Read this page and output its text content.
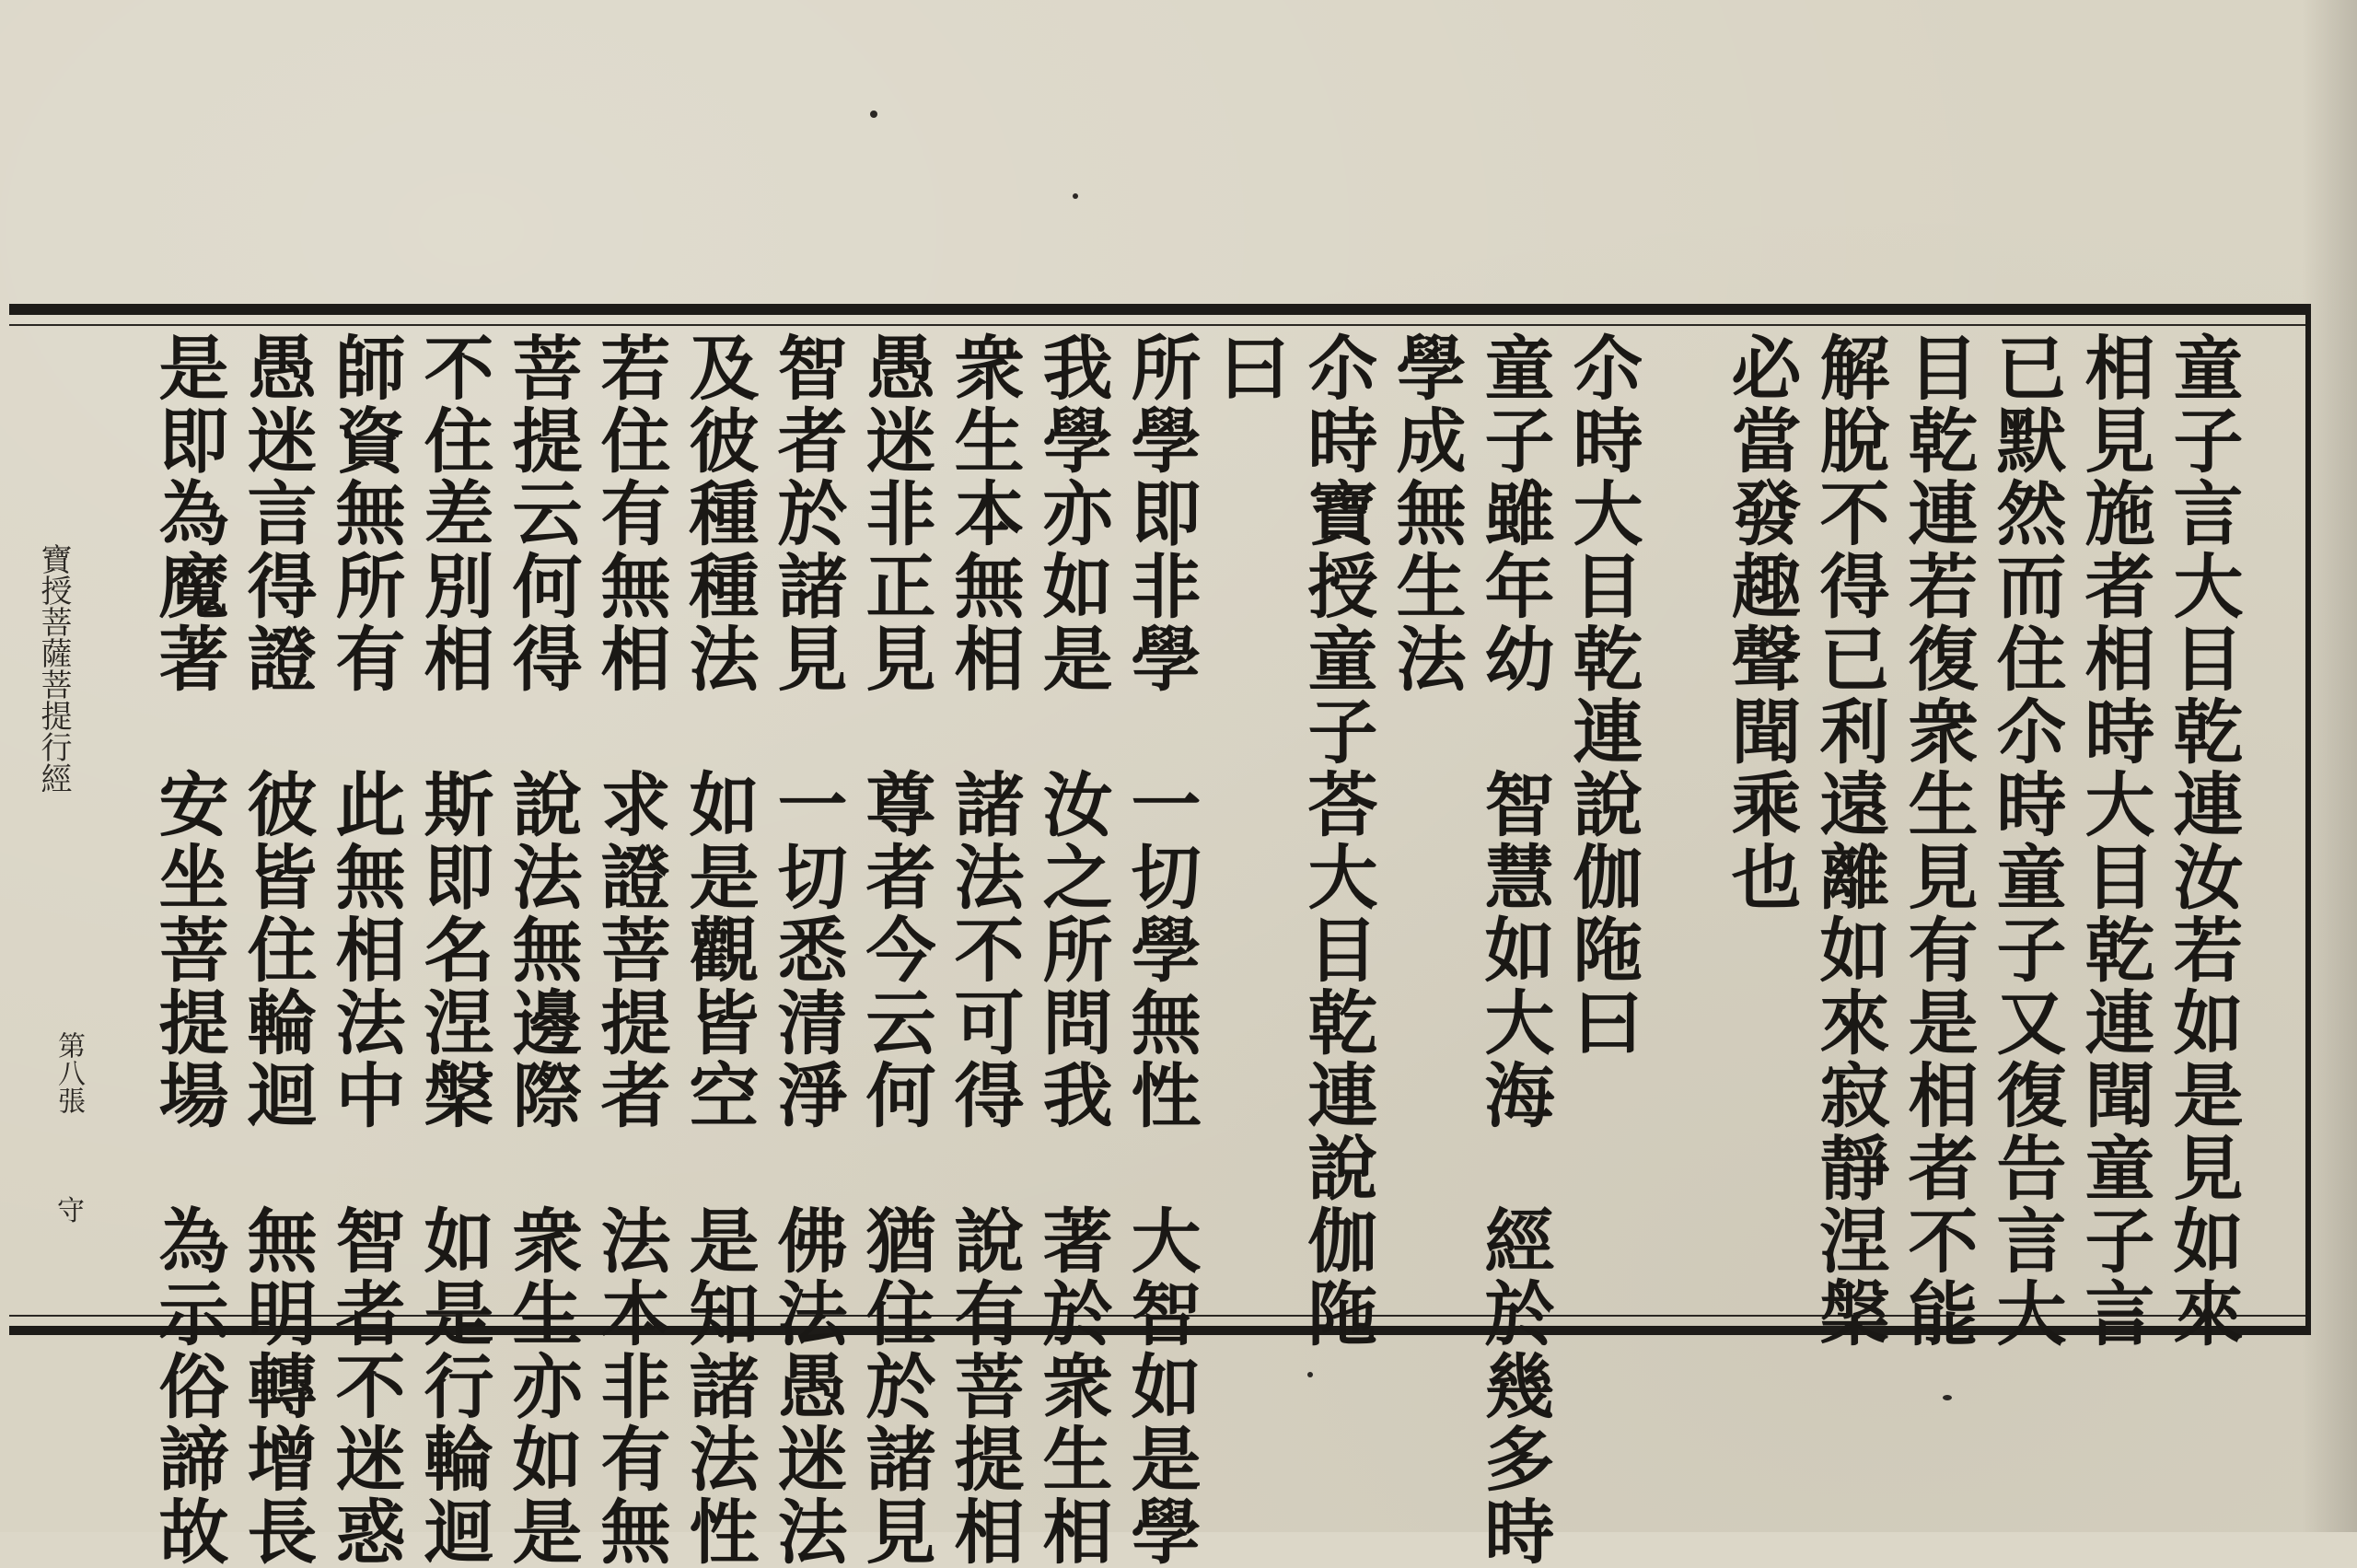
寶授菩薩菩提行經
第八張
守	童子言大目乾連汝若如是見如來
相見施者相時大目乾連聞童子言
已默然而住尒時童子又復告言大
目乾連若復衆生見有是相者不能
解脫不得已利遠離如來寂靜涅槃
必當發趣聲聞乘也
尒時大目乾連說伽陁曰
童子雖年幼　智慧如大海　經於幾多時
學成無生法
尒時寶授童子荅大目乾連說伽陁
曰
所學即非學　一切學無性　大智如是學
我學亦如是　汝之所問我　著於衆生相
衆生本無相　諸法不可得　說有菩提相
愚迷非正見　尊者今云何　猶住於諸見
智者於諸見　一切悉清淨　佛法愚迷法
及彼種種法　如是觀皆空　是知諸法性
若住有無相　求證菩提者　法本非有無
菩提云何得　說法無邊際　衆生亦如是
不住差別相　斯即名涅槃　如是行輪迴
師資無所有　此無相法中　智者不迷惑
愚迷言得證　彼皆住輪迴　無明轉增長
是即為魔著　安坐菩提場　為示俗諦故
